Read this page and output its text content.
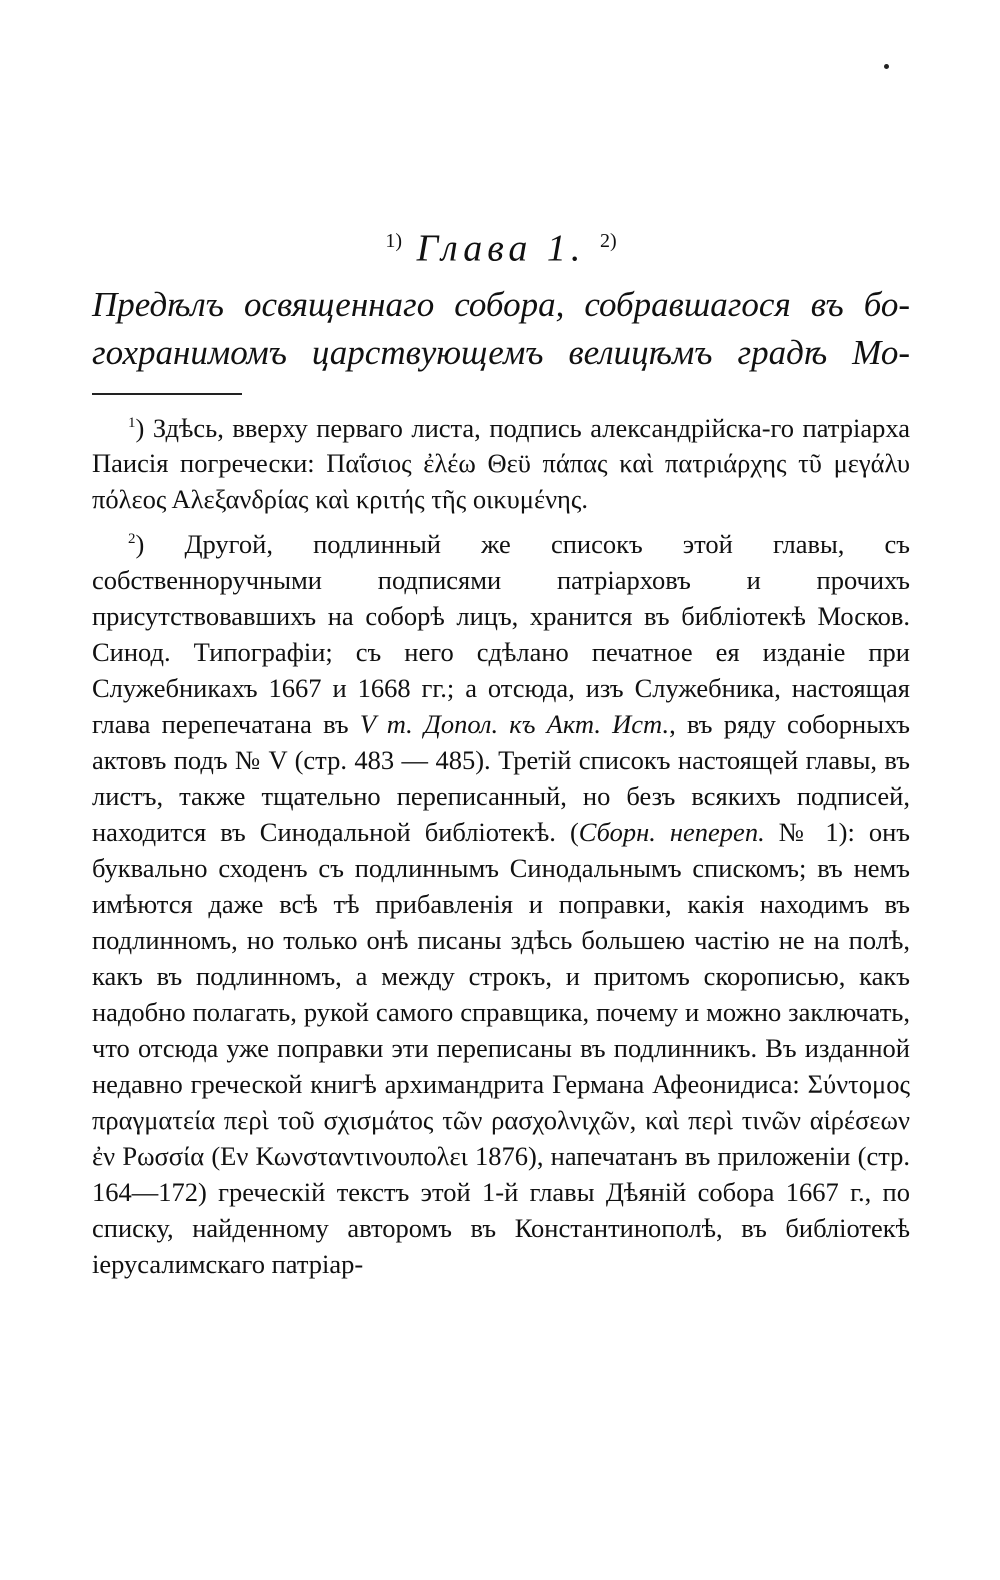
$^{1)}$ Глава 1. $^{2)}$
Предѣлъ освященнаго собора, собравшагося въ бо-
гохранимомъ царствующемъ велицѣмъ градѣ Мо-

$^1$) Здѣсь, вверху перваго листа, подпись александрійска-го патріарха Паисія погречески: Παΐσιος ἐλέω Θεϋ πάπας καὶ πατριάρχης τῦ μεγάλυ πόλεος Αλεξανδρίας καὶ κριτής τῆς οικυμένης.

$^2$) Другой, подлинный же списокъ этой главы, съ собственноручными подписями патріарховъ и прочихъ присутствовавшихъ на соборѣ лицъ, хранится въ библіотекѣ Москов. Синод. Типографіи; съ него сдѣлано печатное ея изданіе при Служебникахъ 1667 и 1668 гг.; а отсюда, изъ Служебника, настоящая глава перепечатана въ V т. Допол. къ Акт. Ист., въ ряду соборныхъ актовъ подъ № V (стр. 483 — 485). Третій списокъ настоящей главы, въ листъ, также тщательно переписанный, но безъ всякихъ подписей, находится въ Синодальной библіотекѣ. (Сборн. непереп. № 1): онъ буквально сходенъ съ подлиннымъ Синодальнымъ спискомъ; въ немъ имѣются даже всѣ тѣ прибавленія и поправки, какія находимъ въ подлинномъ, но только онѣ писаны здѣсь большею частію не на полѣ, какъ въ подлинномъ, а между строкъ, и притомъ скорописью, какъ надобно полагать, рукой самого справщика, почему и можно заключать, что отсюда уже поправки эти переписаны въ подлинникъ. Въ изданной недавно греческой книгѣ архимандрита Германа Афеонидиса: Σύντομος πραγματεία περὶ τοῦ σχισμάτος τῶν ρασχολνιχῶν, καὶ περὶ τινῶν αἱρέσεων ἐν Ρωσσία (Εν Κωνσταντινουπολει 1876), напечатанъ въ приложеніи (стр. 164—172) греческій текстъ этой 1-й главы Дѣяній собора 1667 г., по списку, найденному авторомъ въ Константинополѣ, въ библіотекѣ іерусалимскаго патріар-
